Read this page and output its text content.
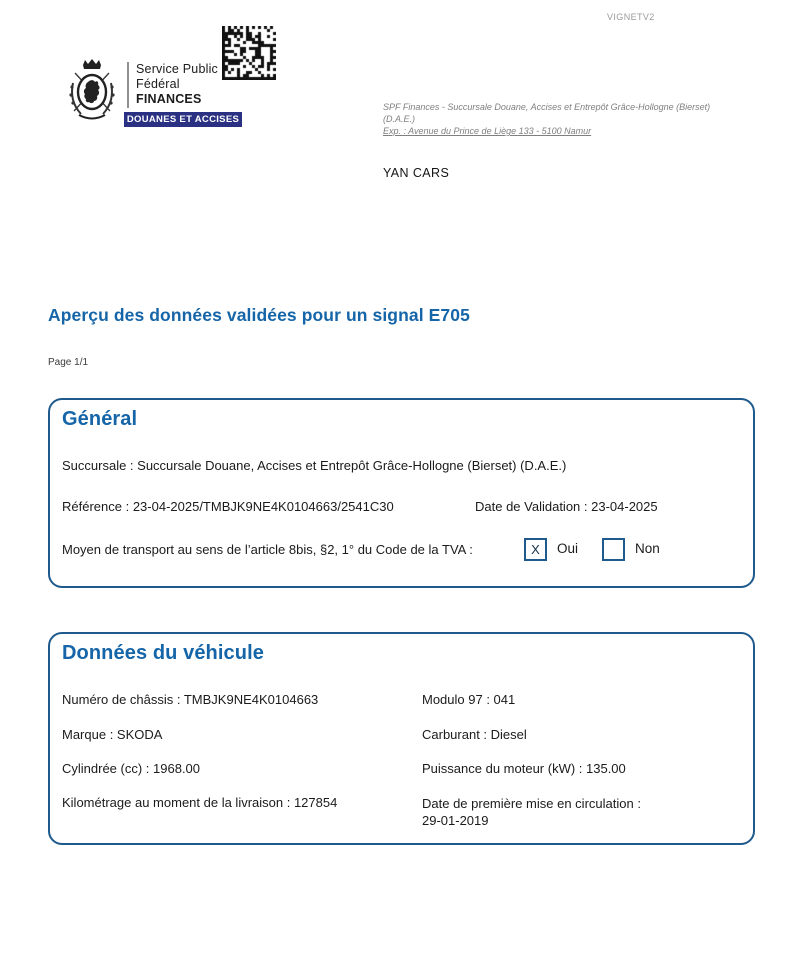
VIGNETV2
Service Public
Fédéral
FINANCES
DOUANES ET ACCISES
SPF Finances - Succursale Douane, Accises et Entrepôt Grâce-Hollogne (Bierset) (D.A.E.)
Exp. : Avenue du Prince de Liège 133 - 5100 Namur
YAN CARS
Aperçu des données validées pour un signal E705
Page 1/1
Général
Succursale : Succursale Douane, Accises et Entrepôt Grâce-Hollogne (Bierset) (D.A.E.)
Référence : 23-04-2025/TMBJK9NE4K0104663/2541C30	Date de Validation : 23-04-2025
Moyen de transport au sens de l’article 8bis, §2, 1° du Code de la TVA :	X	Oui	Non
Données du véhicule
Numéro de châssis : TMBJK9NE4K0104663	Modulo 97 : 041
Marque : SKODA	Carburant : Diesel
Cylindrée (cc) : 1968.00	Puissance du moteur (kW) : 135.00
Kilométrage au moment de la livraison : 127854	Date de première mise en circulation :
29-01-2019
